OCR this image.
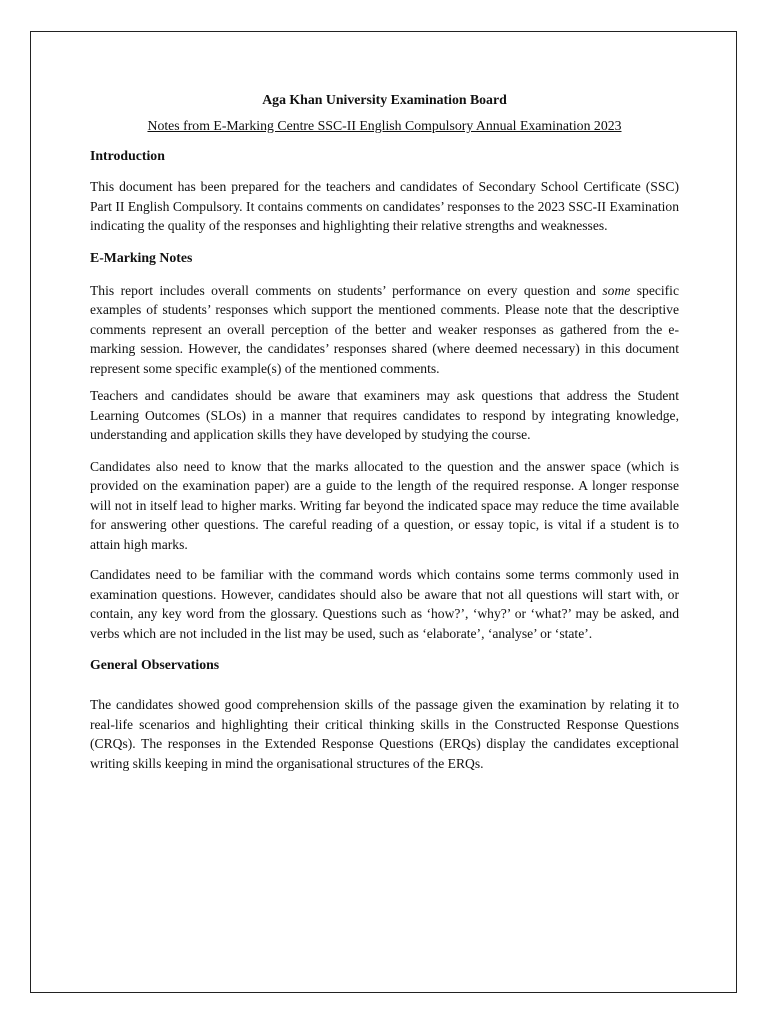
Aga Khan University Examination Board

Notes from E-Marking Centre SSC-II English Compulsory Annual Examination 2023

Introduction

This document has been prepared for the teachers and candidates of Secondary School Certificate (SSC) Part II English Compulsory. It contains comments on candidates’ responses to the 2023 SSC-II Examination indicating the quality of the responses and highlighting their relative strengths and weaknesses.

E-Marking Notes

This report includes overall comments on students’ performance on every question and some specific examples of students’ responses which support the mentioned comments. Please note that the descriptive comments represent an overall perception of the better and weaker responses as gathered from the e-marking session. However, the candidates’ responses shared (where deemed necessary) in this document represent some specific example(s) of the mentioned comments.

Teachers and candidates should be aware that examiners may ask questions that address the Student Learning Outcomes (SLOs) in a manner that requires candidates to respond by integrating knowledge, understanding and application skills they have developed by studying the course.

Candidates also need to know that the marks allocated to the question and the answer space (which is provided on the examination paper) are a guide to the length of the required response. A longer response will not in itself lead to higher marks. Writing far beyond the indicated space may reduce the time available for answering other questions. The careful reading of a question, or essay topic, is vital if a student is to attain high marks.

Candidates need to be familiar with the command words which contains some terms commonly used in examination questions. However, candidates should also be aware that not all questions will start with, or contain, any key word from the glossary. Questions such as ‘how?’, ‘why?’ or ‘what?’ may be asked, and verbs which are not included in the list may be used, such as ‘elaborate’, ‘analyse’ or ‘state’.

General Observations

The candidates showed good comprehension skills of the passage given the examination by relating it to real-life scenarios and highlighting their critical thinking skills in the Constructed Response Questions (CRQs). The responses in the Extended Response Questions (ERQs) display the candidates exceptional writing skills keeping in mind the organisational structures of the ERQs.
